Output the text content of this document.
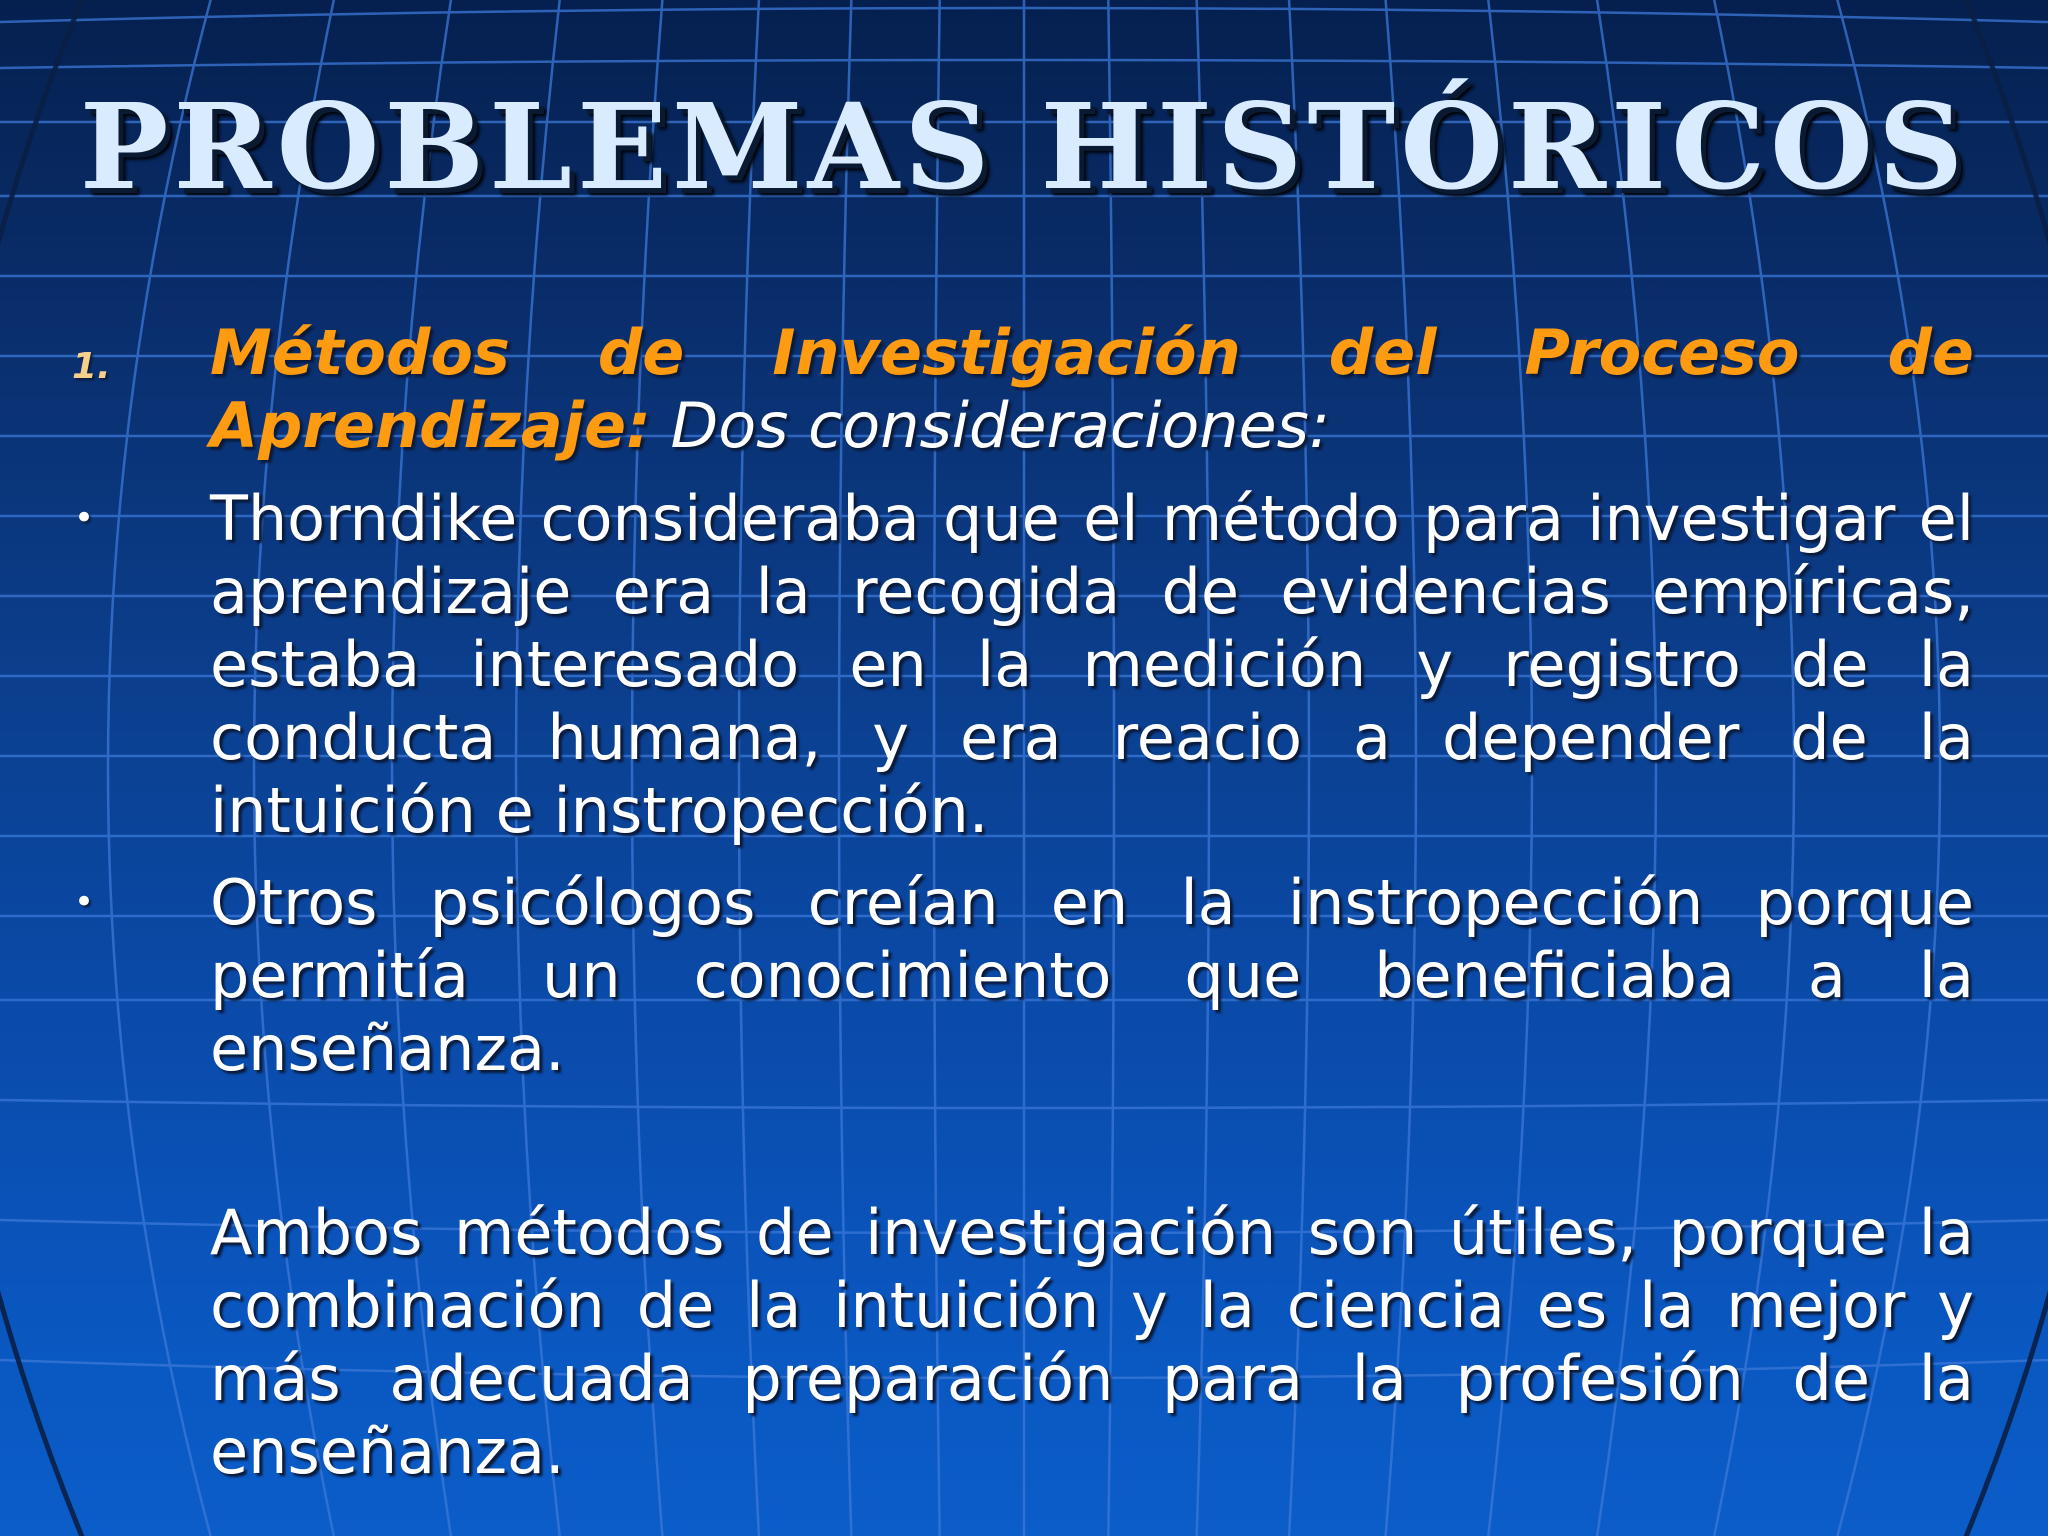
PROBLEMAS HISTÓRICOS
1. Métodos de Investigación del Proceso de Aprendizaje: Dos consideraciones:

• Thorndike consideraba que el método para investigar el aprendizaje era la recogida de evidencias empíricas, estaba interesado en la medición y registro de la conducta humana, y era reacio a depender de la intuición e instropección.

• Otros psicólogos creían en la instropección porque permitía un conocimiento que beneficiaba a la enseñanza.

Ambos métodos de investigación son útiles, porque la combinación de la intuición y la ciencia es la mejor y más adecuada preparación para la profesión de la enseñanza.
